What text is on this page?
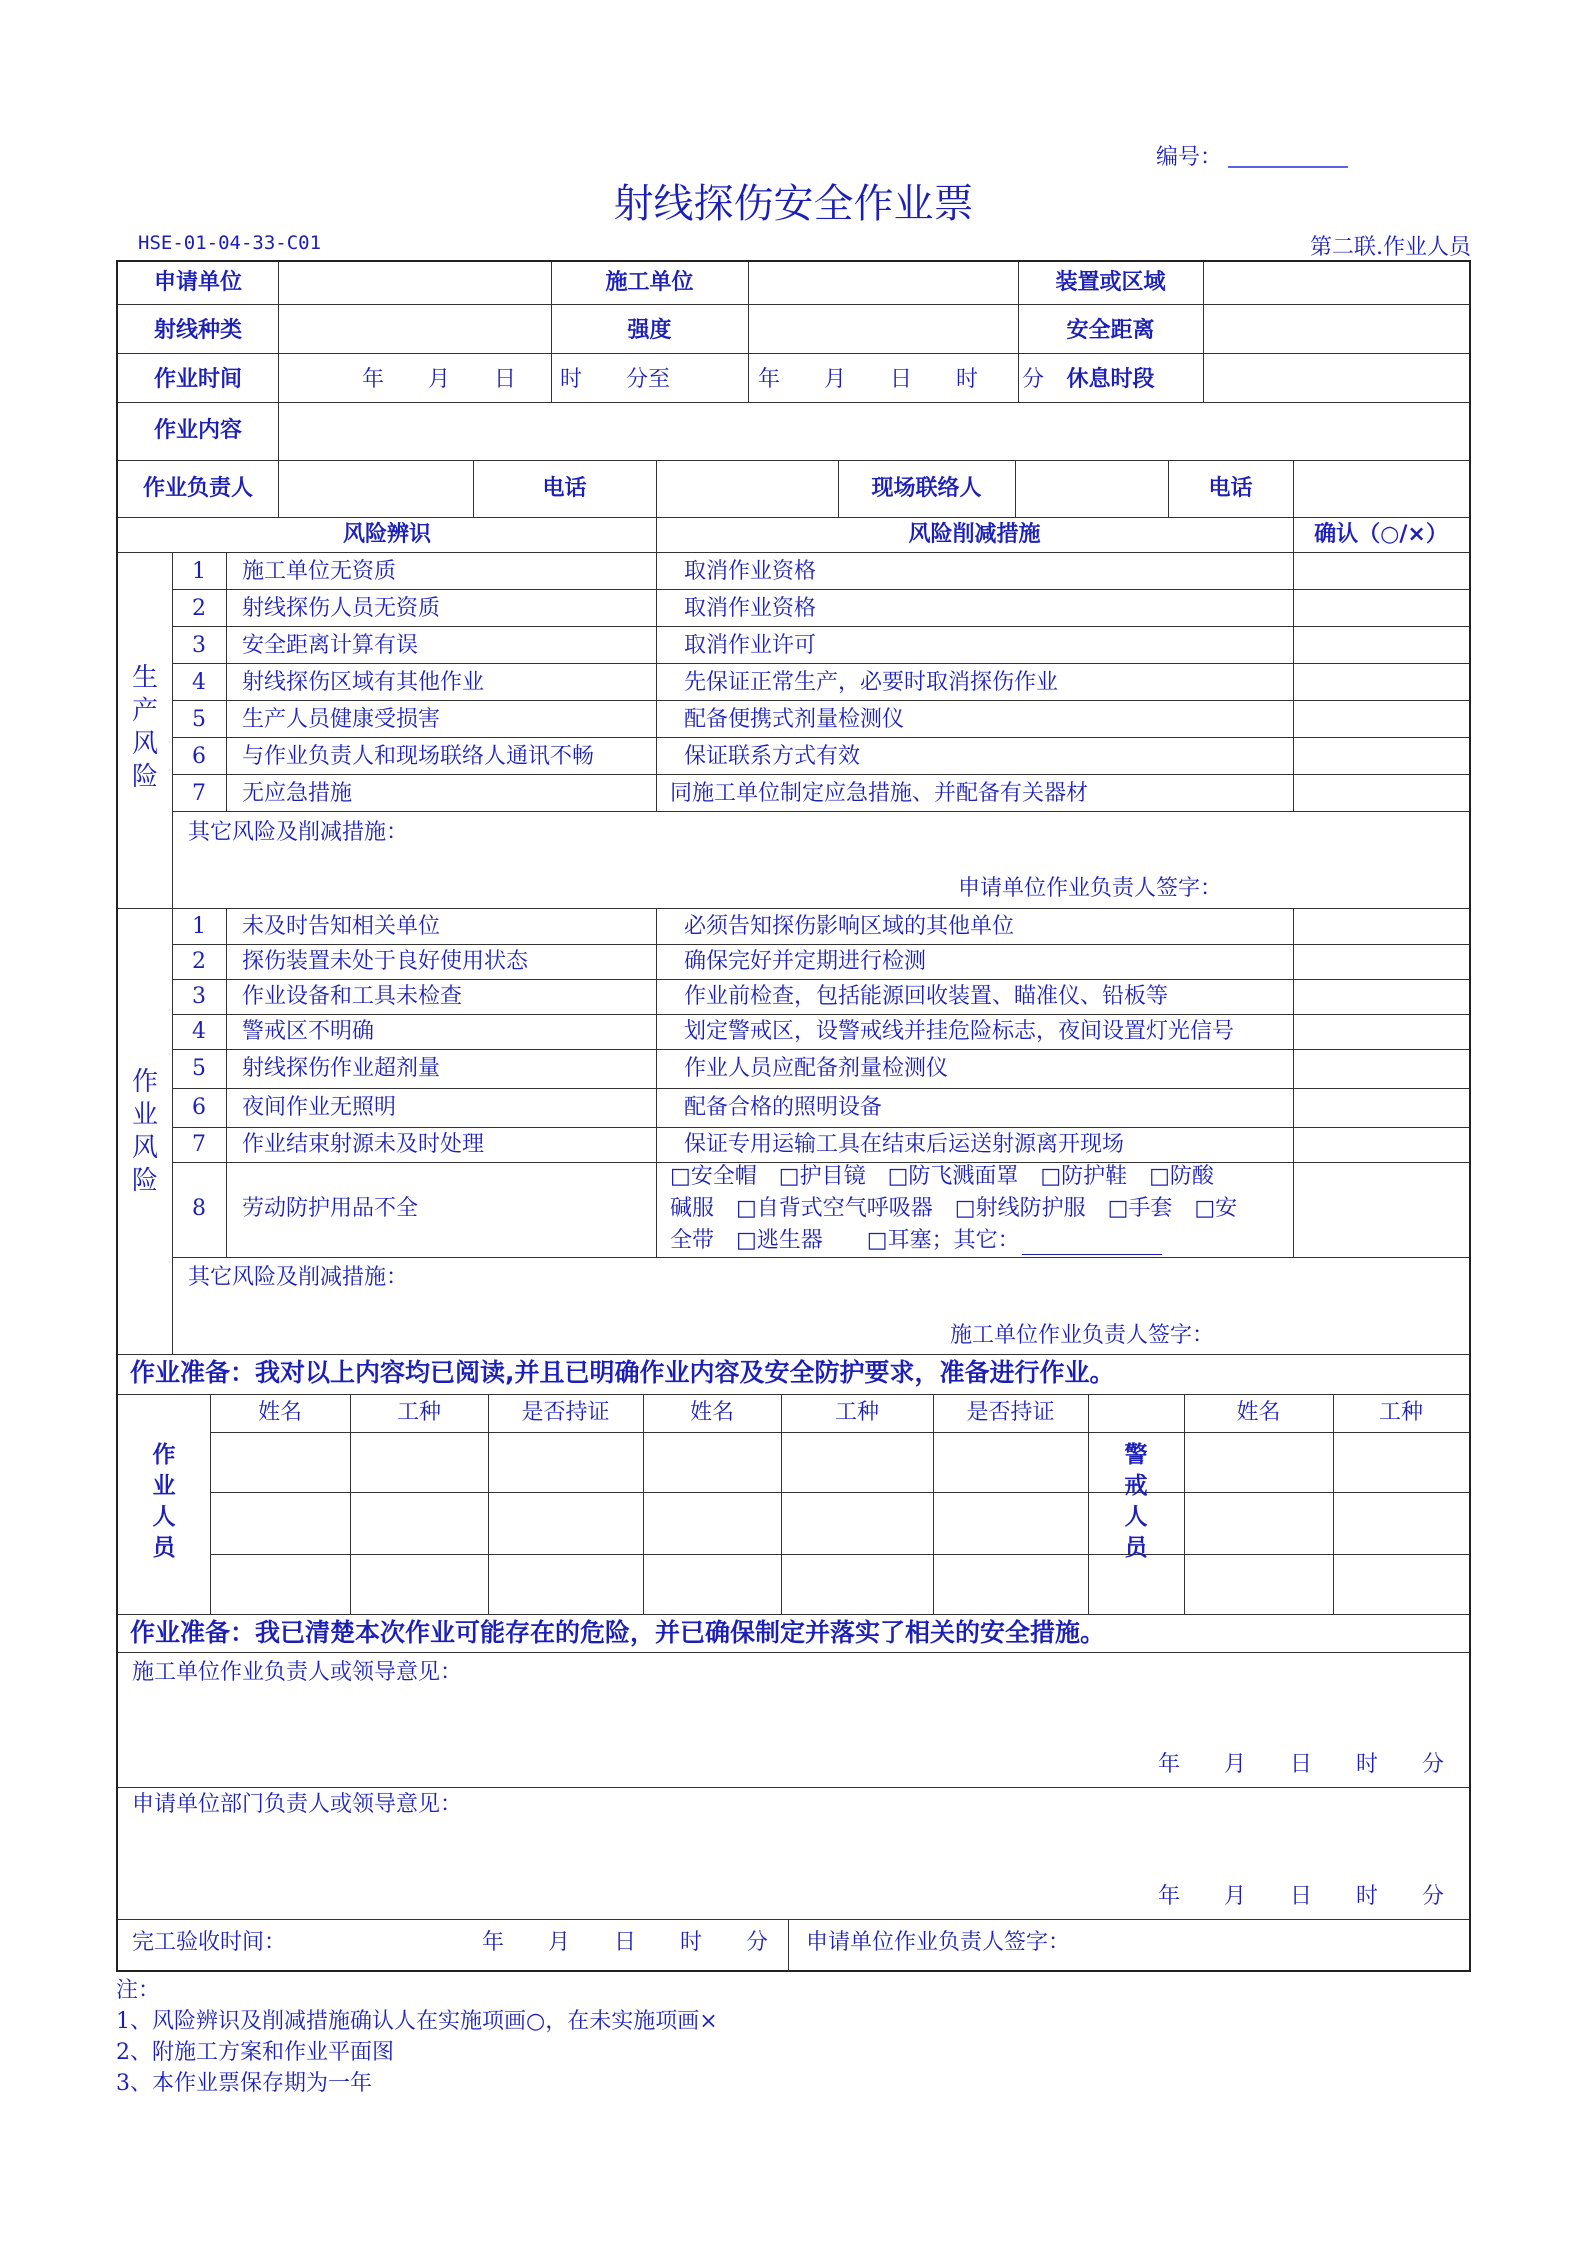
编号：
射线探伤安全作业票
HSE-01-04-33-C01	第二联.作业人员
申请单位	施工单位	装置或区域
射线种类	强度	安全距离
作业时间	年　　月　　日　　时　　分至　　　　年　　月　　日　　时　　分	休息时段
作业内容
作业负责人	电话	现场联络人	电话
风险辨识	风险削减措施	确认（○/×）
生
产
风
险
1	施工单位无资质	取消作业资格
2	射线探伤人员无资质	取消作业资格
3	安全距离计算有误	取消作业许可
4	射线探伤区域有其他作业	先保证正常生产，必要时取消探伤作业
5	生产人员健康受损害	配备便携式剂量检测仪
6	与作业负责人和现场联络人通讯不畅	保证联系方式有效
7	无应急措施	同施工单位制定应急措施、并配备有关器材
其它风险及削减措施：
申请单位作业负责人签字：
作
业
风
险
1	未及时告知相关单位	必须告知探伤影响区域的其他单位
2	探伤装置未处于良好使用状态	确保完好并定期进行检测
3	作业设备和工具未检查	作业前检查，包括能源回收装置、瞄准仪、铅板等
4	警戒区不明确	划定警戒区，设警戒线并挂危险标志，夜间设置灯光信号
5	射线探伤作业超剂量	作业人员应配备剂量检测仪
6	夜间作业无照明	配备合格的照明设备
7	作业结束射源未及时处理	保证专用运输工具在结束后运送射源离开现场
8	劳动防护用品不全
□安全帽　□护目镜　□防飞溅面罩　□防护鞋　□防酸
碱服　□自背式空气呼吸器　□射线防护服　□手套　□安
全带　□逃生器　　□耳塞；其它：
其它风险及削减措施：
施工单位作业负责人签字：
作业准备：我对以上内容均已阅读,并且已明确作业内容及安全防护要求，准备进行作业。
作
业
人
员
警
戒
人
员
姓名	工种	是否持证	姓名	工种	是否持证	姓名	工种
作业准备：我已清楚本次作业可能存在的危险，并已确保制定并落实了相关的安全措施。
施工单位作业负责人或领导意见：
年　　月　　日　　时　　分
申请单位部门负责人或领导意见：
年　　月　　日　　时　　分
完工验收时间：	年　　月　　日　　时　　分 申请单位作业负责人签字：
注：
1、风险辨识及削减措施确认人在实施项画○，在未实施项画×
2、附施工方案和作业平面图
3、本作业票保存期为一年
